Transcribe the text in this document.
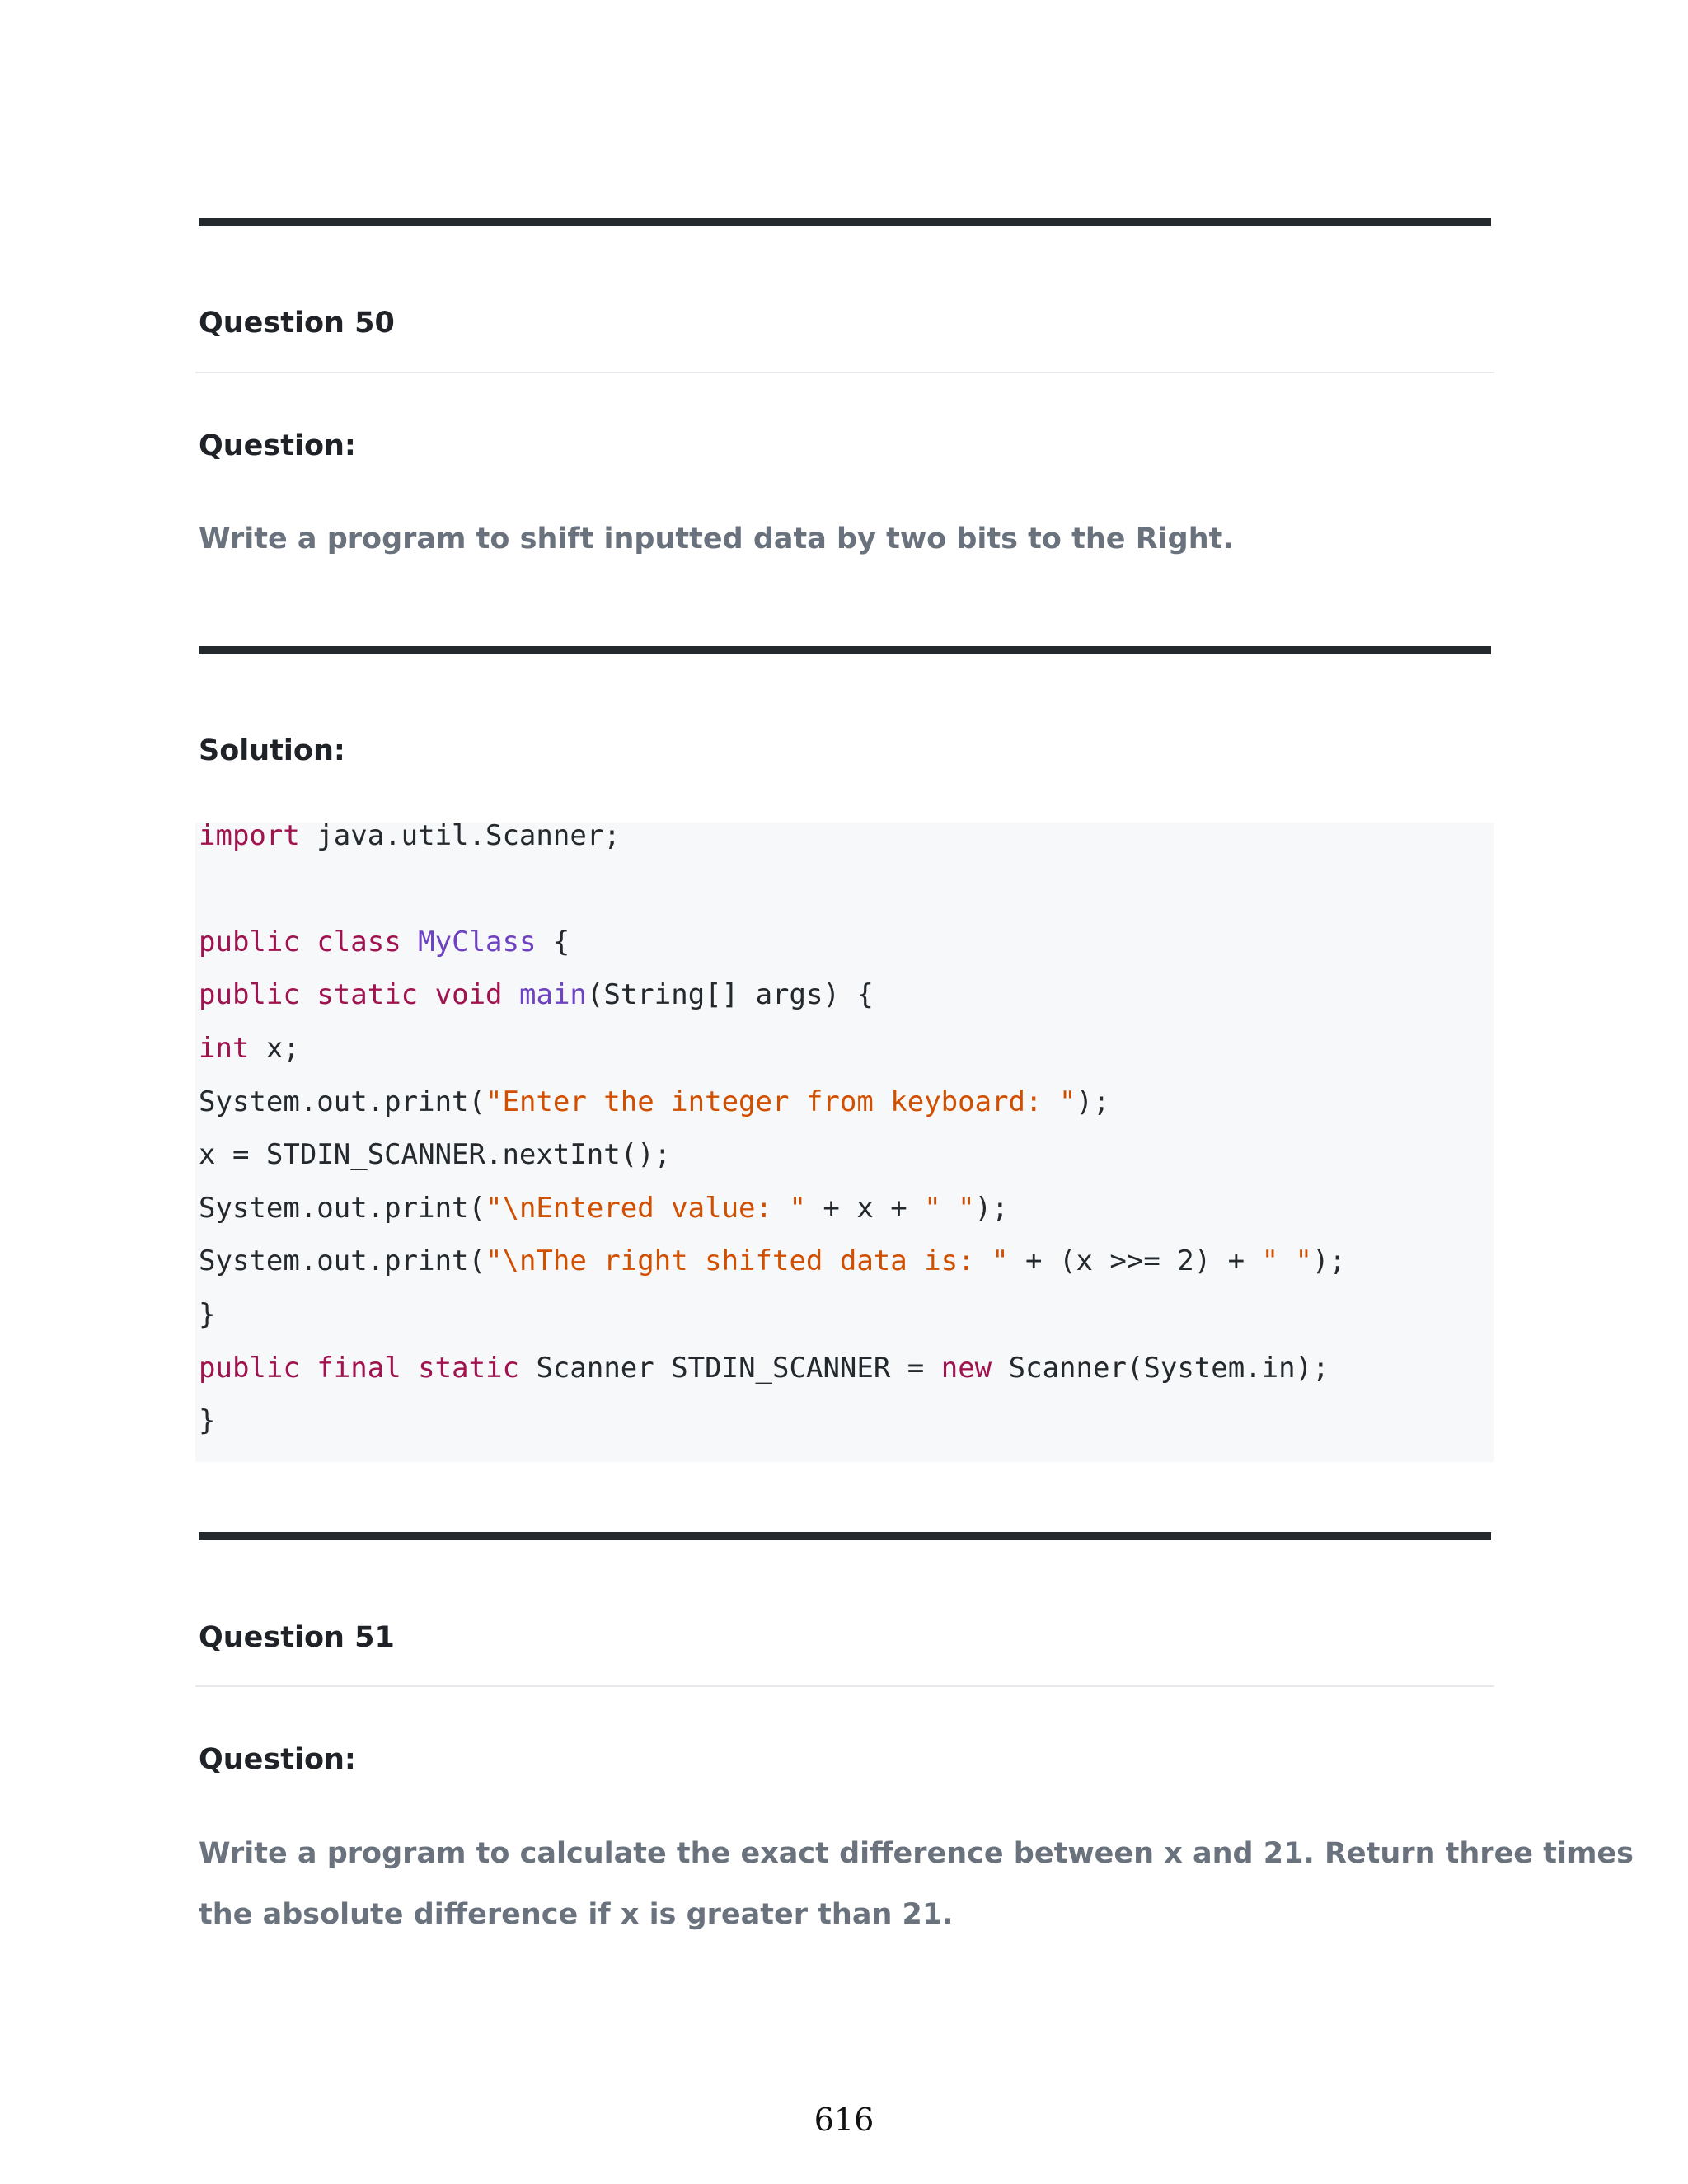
Question 50
Question:
Write a program to shift inputted data by two bits to the Right.
Solution:
import java.util.Scanner;
public class MyClass {
public static void main(String[] args) {
int x;
System.out.print("Enter the integer from keyboard: ");
x = STDIN_SCANNER.nextInt();
System.out.print("\nEntered value: " + x + " ");
System.out.print("\nThe right shifted data is: " + (x >>= 2) + " ");
}
public final static Scanner STDIN_SCANNER = new Scanner(System.in);
}
Question 51
Question:
Write a program to calculate the exact difference between x and 21. Return three times
the absolute difference if x is greater than 21.
616
